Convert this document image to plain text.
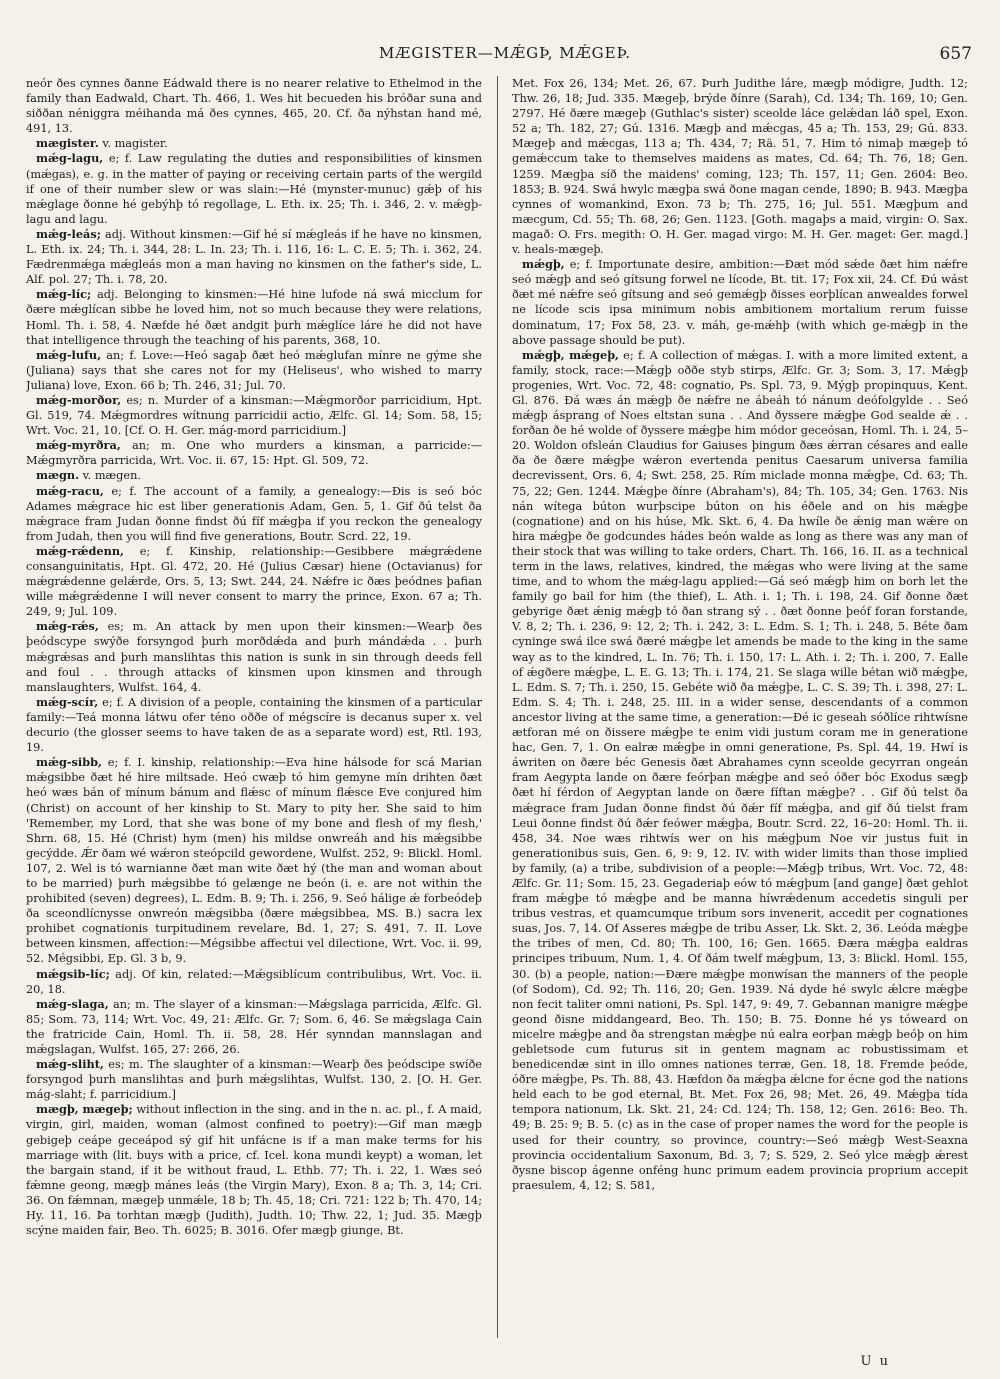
MÆGISTER—MǼGÞ, MǼGEÞ.	657

neór ðes cynnes ðanne Eádwald there is no nearer relative to Ethelmod in the family than Eadwald, Chart. Th. 466, 1. Wes hit becueden his bróðar suna and siððan néniggra méihanda má ðes cynnes, 465, 20. Cf. ða nýhstan hand mé, 491, 13.

mægister. v. magister.

mǽg-lagu, e; f. Law regulating the duties and responsibilities of kinsmen (mǽgas), e. g. in the matter of paying or receiving certain parts of the wergild if one of their number slew or was slain:—Hé (mynster-munuc) gǽþ of his mǽglage ðonne hé gebýhþ tó regollage, L. Eth. ix. 25; Th. i. 346, 2. v. mǽgþ-lagu and lagu.

mǽg-leás; adj. Without kinsmen:—Gif hé sí mǽgleás if he have no kinsmen, L. Eth. ix. 24; Th. i. 344, 28: L. In. 23; Th. i. 116, 16: L. C. E. 5; Th. i. 362, 24. Fædrenmǽga mǽgleás mon a man having no kinsmen on the father's side, L. Alf. pol. 27; Th. i. 78, 20.

mǽg-líc; adj. Belonging to kinsmen:—Hé hine lufode ná swá micclum for ðære mǽglícan sibbe he loved him, not so much because they were relations, Homl. Th. i. 58, 4. Næfde hé ðæt andgit þurh mǽglíce láre he did not have that intelligence through the teaching of his parents, 368, 10.

mǽg-lufu, an; f. Love:—Heó sagaþ ðæt heó mǽglufan mínre ne gýme she (Juliana) says that she cares not for my (Heliseus', who wished to marry Juliana) love, Exon. 66 b; Th. 246, 31; Jul. 70.

mǽg-morðor, es; n. Murder of a kinsman:—Mǽgmorðor parricidium, Hpt. Gl. 519, 74. Mǽgmordres wítnung parricidii actio, Ælfc. Gl. 14; Som. 58, 15; Wrt. Voc. 21, 10. [Cf. O. H. Ger. mág-mord parricidium.]

mǽg-myrðra, an; m. One who murders a kinsman, a parricide:—Mǽgmyrðra parricida, Wrt. Voc. ii. 67, 15: Hpt. Gl. 509, 72.

mægn. v. mægen.

mǽg-racu, e; f. The account of a family, a genealogy:—Ðis is seó bóc Adames mǽgrace hic est liber generationis Adam, Gen. 5, 1. Gif ðú telst ða mǽgrace fram Judan ðonne findst ðú fíf mǽgþa if you reckon the genealogy from Judah, then you will find five generations, Boutr. Scrd. 22, 19.

mǽg-rǽdenn, e; f. Kinship, relationship:—Gesibbere mǽgrǽdene consanguinitatis, Hpt. Gl. 472, 20. Hé (Julius Cæsar) hiene (Octavianus) for mǽgrǽdenne gelǽrde, Ors. 5, 13; Swt. 244, 24. Nǽfre ic ðæs þeódnes þafian wille mǽgrǽdenne I will never consent to marry the prince, Exon. 67 a; Th. 249, 9; Jul. 109.

mǽg-rǽs, es; m. An attack by men upon their kinsmen:—Wearþ ðes þeódscype swýðe forsyngod þurh morðdǽda and þurh mándǽda . . þurh mǽgrǽsas and þurh manslihtas this nation is sunk in sin through deeds fell and foul . . through attacks of kinsmen upon kinsmen and through manslaughters, Wulfst. 164, 4.

mǽg-scír, e; f. A division of a people, containing the kinsmen of a particular family:—Teá monna látwu ofer téno oððe of mégscíre is decanus super x. vel decurio (the glosser seems to have taken de as a separate word) est, Rtl. 193, 19.

mǽg-sibb, e; f. I. kinship, relationship:—Eva hine hálsode for scá Marian mǽgsibbe ðæt hé hire miltsade. Heó cwæþ tó him gemyne mín drihten ðæt heó wæs bán of mínum bánum and flǽsc of mínum flǽsce Eve conjured him (Christ) on account of her kinship to St. Mary to pity her. She said to him 'Remember, my Lord, that she was bone of my bone and flesh of my flesh,' Shrn. 68, 15. Hé (Christ) hym (men) his mildse onwreáh and his mǽgsibbe gecýdde. Ǽr ðam wé wǽron steópcild gewordene, Wulfst. 252, 9: Blickl. Homl. 107, 2. Wel is tó warnianne ðæt man wite ðæt hý (the man and woman about to be married) þurh mǽgsibbe tó gelænge ne beón (i. e. are not within the prohibited (seven) degrees), L. Edm. B. 9; Th. i. 256, 9. Seó hálige ǽ forbeódeþ ða sceondlícnysse onwreón mǽgsibba (ðære mǽgsibbea, MS. B.) sacra lex prohibet cognationis turpitudinem revelare, Bd. 1, 27; S. 491, 7. II. Love between kinsmen, affection:—Mégsibbe affectui vel dilectione, Wrt. Voc. ii. 99, 52. Mégsibbi, Ep. Gl. 3 b, 9.

mǽgsib-líc; adj. Of kin, related:—Mǽgsiblícum contribulibus, Wrt. Voc. ii. 20, 18.

mǽg-slaga, an; m. The slayer of a kinsman:—Mǽgslaga parricida, Ælfc. Gl. 85; Som. 73, 114; Wrt. Voc. 49, 21: Ælfc. Gr. 7; Som. 6, 46. Se mǽgslaga Cain the fratricide Cain, Homl. Th. ii. 58, 28. Hér synndan mannslagan and mǽgslagan, Wulfst. 165, 27: 266, 26.

mǽg-sliht, es; m. The slaughter of a kinsman:—Wearþ ðes þeódscipe swíðe forsyngod þurh manslihtas and þurh mǽgslihtas, Wulfst. 130, 2. [O. H. Ger. mág-slaht; f. parricidium.]

mægþ, mægeþ; without inflection in the sing. and in the n. ac. pl., f. A maid, virgin, girl, maiden, woman (almost confined to poetry):—Gif man mægþ gebigeþ ceápe geceápod sý gif hit unfácne is if a man make terms for his marriage with (lit. buys with a price, cf. Icel. kona mundi keypt) a woman, let the bargain stand, if it be without fraud, L. Ethb. 77; Th. i. 22, 1. Wæs seó fǽmne geong, mægþ mánes leás (the Virgin Mary), Exon. 8 a; Th. 3, 14; Cri. 36. On fǽmnan, mægeþ unmǽle, 18 b; Th. 45, 18; Cri. 721: 122 b; Th. 470, 14; Hy. 11, 16. Þa torhtan mægþ (Judith), Judth. 10; Thw. 22, 1; Jud. 35. Mægþ scýne maiden fair, Beo. Th. 6025; B. 3016. Ofer mægþ giunge, Bt.

Met. Fox 26, 134; Met. 26, 67. Þurh Judithe láre, mægþ módigre, Judth. 12; Thw. 26, 18; Jud. 335. Mægeþ, brýde ðínre (Sarah), Cd. 134; Th. 169, 10; Gen. 2797. Hé ðære mægeþ (Guthlac's sister) sceolde láce gelǽdan láð spel, Exon. 52 a; Th. 182, 27; Gú. 1316. Mægþ and mǽcgas, 45 a; Th. 153, 29; Gú. 833. Mægeþ and mǽcgas, 113 a; Th. 434, 7; Rä. 51, 7. Him tó nimaþ mægeþ tó gemǽccum take to themselves maidens as mates, Cd. 64; Th. 76, 18; Gen. 1259. Mægþa síð the maidens' coming, 123; Th. 157, 11; Gen. 2604: Beo. 1853; B. 924. Swá hwylc mægþa swá ðone magan cende, 1890; B. 943. Mægþa cynnes of womankind, Exon. 73 b; Th. 275, 16; Jul. 551. Mægþum and mæcgum, Cd. 55; Th. 68, 26; Gen. 1123. [Goth. magaþs a maid, virgin: O. Sax. magað: O. Frs. megith: O. H. Ger. magad virgo: M. H. Ger. maget: Ger. magd.] v. heals-mægeþ.

mǽgþ, e; f. Importunate desire, ambition:—Ðæt mód sǽde ðæt him nǽfre seó mǽgþ and seó gítsung forwel ne lícode, Bt. tit. 17; Fox xii, 24. Cf. Ðú wást ðæt mé nǽfre seó gítsung and seó gemǽgþ ðisses eorþlícan anwealdes forwel ne lícode scis ipsa minimum nobis ambitionem mortalium rerum fuisse dominatum, 17; Fox 58, 23. v. máh, ge-mǽhþ (with which ge-mǽgþ in the above passage should be put).

mǽgþ, mǽgeþ, e; f. A collection of mǽgas. I. with a more limited extent, a family, stock, race:—Mǽgþ oððe styb stirps, Ælfc. Gr. 3; Som. 3, 17. Mǽgþ progenies, Wrt. Voc. 72, 48: cognatio, Ps. Spl. 73, 9. Mýgþ propinquus, Kent. Gl. 876. Ðá wæs án mǽgþ ðe nǽfre ne ábeáh tó nánum deófolgylde . . Seó mǽgþ ásprang of Noes eltstan suna . . And ðyssere mǽgþe God sealde ǽ . . forðan ðe hé wolde of ðyssere mǽgþe him módor geceósan, Homl. Th. i. 24, 5–20. Woldon ofsleán Claudius for Gaiuses þingum ðæs ǽrran césares and ealle ða ðe ðære mǽgþe wǽron evertenda penitus Caesarum universa familia decrevissent, Ors. 6, 4; Swt. 258, 25. Rím miclade monna mǽgþe, Cd. 63; Th. 75, 22; Gen. 1244. Mǽgþe ðínre (Abraham's), 84; Th. 105, 34; Gen. 1763. Nis nán wítega búton wurþscipe búton on his éðele and on his mǽgþe (cognatione) and on his húse, Mk. Skt. 6, 4. Ða hwíle ðe ǽnig man wǽre on hira mǽgþe ðe godcundes hádes beón walde as long as there was any man of their stock that was willing to take orders, Chart. Th. 166, 16. II. as a technical term in the laws, relatives, kindred, the mǽgas who were living at the same time, and to whom the mǽg-lagu applied:—Gá seó mǽgþ him on borh let the family go bail for him (the thief), L. Ath. i. 1; Th. i. 198, 24. Gif ðonne ðæt gebyrige ðæt ǽnig mǽgþ tó ðan strang sý . . ðæt ðonne þeóf foran forstande, V. 8, 2; Th. i. 236, 9: 12, 2; Th. i. 242, 3: L. Edm. S. 1; Th. i. 248, 5. Béte ðam cyninge swá ilce swá ðæré mǽgþe let amends be made to the king in the same way as to the kindred, L. In. 76; Th. i. 150, 17: L. Ath. i. 2; Th. i. 200, 7. Ealle of ǽgðere mǽgþe, L. E. G. 13; Th. i. 174, 21. Se slaga wille bétan wið mǽgþe, L. Edm. S. 7; Th. i. 250, 15. Gebéte wið ða mǽgþe, L. C. S. 39; Th. i. 398, 27: L. Edm. S. 4; Th. i. 248, 25. III. in a wider sense, descendants of a common ancestor living at the same time, a generation:—Ðé ic geseah sóðlíce rihtwísne ætforan mé on ðissere mǽgþe te enim vidi justum coram me in generatione hac, Gen. 7, 1. On ealræ mǽgþe in omni generatione, Ps. Spl. 44, 19. Hwí is áwriten on ðære béc Genesis ðæt Abrahames cynn sceolde gecyrran ongeán fram Aegypta lande on ðære feórþan mǽgþe and seó óðer bóc Exodus sægþ ðæt hí férdon of Aegyptan lande on ðære fíftan mǽgþe? . . Gif ðú telst ða mǽgrace fram Judan ðonne findst ðú ðǽr fíf mǽgþa, and gif ðú tielst fram Leui ðonne findst ðú ðǽr feówer mǽgþa, Boutr. Scrd. 22, 16–20: Homl. Th. ii. 458, 34. Noe wæs rihtwís wer on his mǽgþum Noe vir justus fuit in generationibus suis, Gen. 6, 9: 9, 12. IV. with wider limits than those implied by family, (a) a tribe, subdivision of a people:—Mǽgþ tribus, Wrt. Voc. 72, 48: Ælfc. Gr. 11; Som. 15, 23. Gegaderiaþ eów tó mǽgþum [and gange] ðæt gehlot fram mǽgþe tó mǽgþe and be manna híwrǽdenum accedetis singuli per tribus vestras, et quamcumque tribum sors invenerit, accedit per cognationes suas, Jos. 7, 14. Of Asseres mǽgþe de tribu Asser, Lk. Skt. 2, 36. Leóda mǽgþe the tribes of men, Cd. 80; Th. 100, 16; Gen. 1665. Ðæra mǽgþa ealdras principes tribuum, Num. 1, 4. Of ðám twelf mǽgþum, 13, 3: Blickl. Homl. 155, 30. (b) a people, nation:—Ðære mǽgþe monwísan the manners of the people (of Sodom), Cd. 92; Th. 116, 20; Gen. 1939. Ná dyde hé swylc ǽlcre mǽgþe non fecit taliter omni nationi, Ps. Spl. 147, 9: 49, 7. Gebannan manigre mǽgþe geond ðisne middangeard, Beo. Th. 150; B. 75. Ðonne hé ys tóweard on micelre mǽgþe and ða strengstan mǽgþe nú ealra eorþan mǽgþ beóþ on him gebletsode cum futurus sit in gentem magnam ac robustissimam et benedicendæ sint in illo omnes nationes terræ, Gen. 18, 18. Fremde þeóde, óðre mǽgþe, Ps. Th. 88, 43. Hæfdon ða mǽgþa ǽlcne for écne god the nations held each to be god eternal, Bt. Met. Fox 26, 98; Met. 26, 49. Mǽgþa tída tempora nationum, Lk. Skt. 21, 24: Cd. 124; Th. 158, 12; Gen. 2616: Beo. Th. 49; B. 25: 9; B. 5. (c) as in the case of proper names the word for the people is used for their country, so province, country:—Seó mǽgþ West-Seaxna provincia occidentalium Saxonum, Bd. 3, 7; S. 529, 2. Seó ylce mǽgþ ǽrest ðysne biscop ágenne onféng hunc primum eadem provincia proprium accepit praesulem, 4, 12; S. 581,

U u
